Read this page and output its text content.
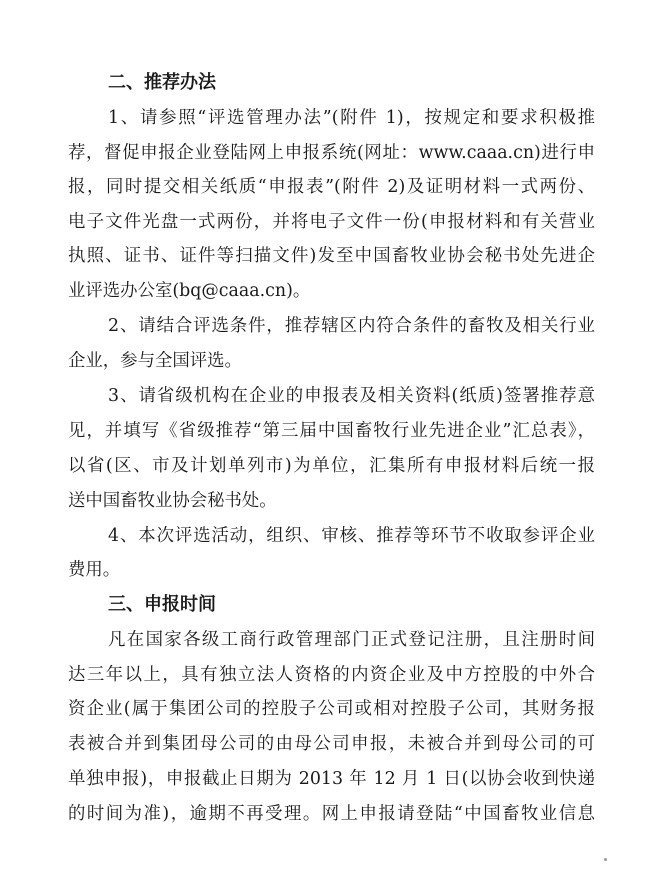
二、推荐办法
1、请参照“评选管理办法”(附件 1)，按规定和要求积极推
荐，督促申报企业登陆网上申报系统(网址：www.caaa.cn)进行申
报，同时提交相关纸质“申报表”(附件 2)及证明材料一式两份、
电子文件光盘一式两份，并将电子文件一份(申报材料和有关营业
执照、证书、证件等扫描文件)发至中国畜牧业协会秘书处先进企
业评选办公室(bq@caaa.cn)。
2、请结合评选条件，推荐辖区内符合条件的畜牧及相关行业
企业，参与全国评选。
3、请省级机构在企业的申报表及相关资料(纸质)签署推荐意
见，并填写《省级推荐“第三届中国畜牧行业先进企业”汇总表》，
以省(区、市及计划单列市)为单位，汇集所有申报材料后统一报
送中国畜牧业协会秘书处。
4、本次评选活动，组织、审核、推荐等环节不收取参评企业
费用。
三、申报时间
凡在国家各级工商行政管理部门正式登记注册，且注册时间
达三年以上，具有独立法人资格的内资企业及中方控股的中外合
资企业(属于集团公司的控股子公司或相对控股子公司，其财务报
表被合并到集团母公司的由母公司申报，未被合并到母公司的可
单独申报)，申报截止日期为 2013 年 12 月 1 日(以协会收到快递
的时间为准)，逾期不再受理。网上申报请登陆“中国畜牧业信息
